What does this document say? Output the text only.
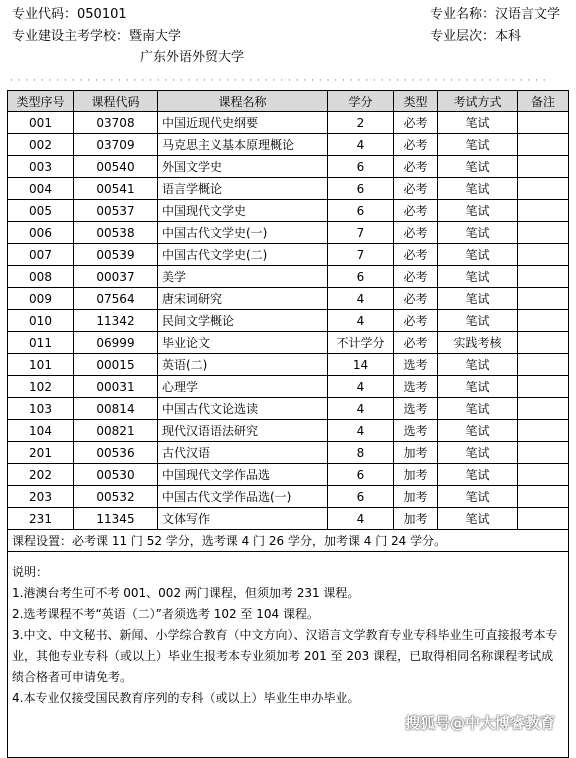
专业代码：050101
专业建设主考学校：暨南大学
广东外语外贸大学
专业名称：汉语言文学
专业层次：本科
· · · · · · · · · · · · · · · · · · · · · · · · · · · · · · · · · · · · · · · · · · · · · · · · · · · · · · · · · · · · · · · · · · · · · ·
类型序号	课程代码	课程名称	学分	类型	考试方式	备注
001	03708	中国近现代史纲要	2	必考	笔试	
002	03709	马克思主义基本原理概论	4	必考	笔试	
003	00540	外国文学史	6	必考	笔试	
004	00541	语言学概论	6	必考	笔试	
005	00537	中国现代文学史	6	必考	笔试	
006	00538	中国古代文学史(一)	7	必考	笔试	
007	00539	中国古代文学史(二)	7	必考	笔试	
008	00037	美学	6	必考	笔试	
009	07564	唐宋词研究	4	必考	笔试	
010	11342	民间文学概论	4	必考	笔试	
011	06999	毕业论文	不计学分	必考	实践考核	
101	00015	英语(二)	14	选考	笔试	
102	00031	心理学	4	选考	笔试	
103	00814	中国古代文论选读	4	选考	笔试	
104	00821	现代汉语语法研究	4	选考	笔试	
201	00536	古代汉语	8	加考	笔试	
202	00530	中国现代文学作品选	6	加考	笔试	
203	00532	中国古代文学作品选(一)	6	加考	笔试	
231	11345	文体写作	4	加考	笔试	
课程设置：必考课 11 门 52 学分，选考课 4 门 26 学分，加考课 4 门 24 学分。						

说明：
1.港澳台考生可不考 001、002 两门课程，但须加考 231 课程。
2.选考课程不考“英语（二）”者须选考 102 至 104 课程。
3.中文、中文秘书、新闻、小学综合教育（中文方向）、汉语言文学教育专业专科毕业生可直接报考本专业，其他专业专科（或以上）毕业生报考本专业须加考 201 至 203 课程，已取得相同名称课程考试成绩合格者可申请免考。
4.本专业仅接受国民教育序列的专科（或以上）毕业生申办毕业。						
搜狐号@中大博睿教育
